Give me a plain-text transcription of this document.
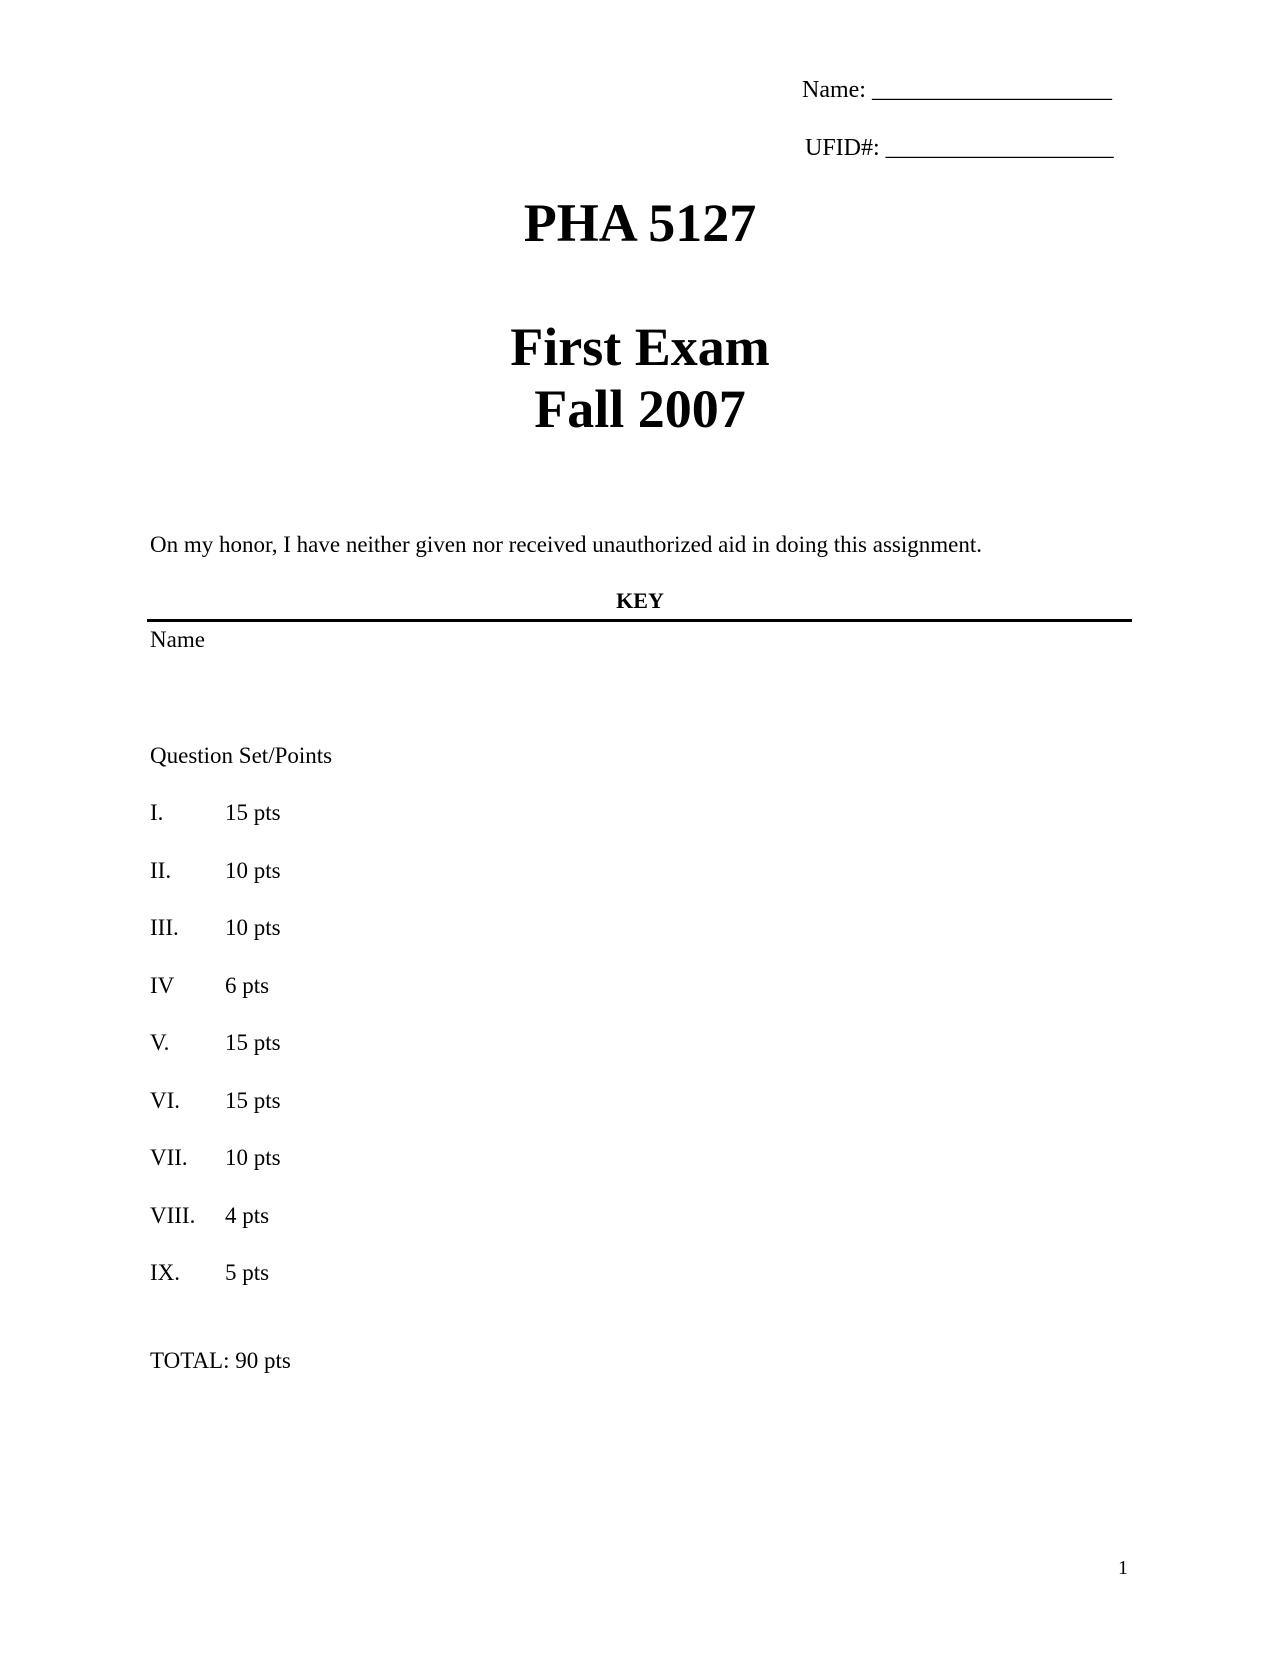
Name: ____________________
UFID#: ___________________
PHA 5127
First Exam
Fall 2007
On my honor, I have neither given nor received unauthorized aid in doing this assignment.
KEY
Name
Question Set/Points
I.	15 pts
II. 10 pts
III. 10 pts
IV 6 pts
V. 15 pts
VI. 15 pts
VII. 10 pts
VIII. 4 pts
IX. 5 pts
TOTAL: 90 pts
1
